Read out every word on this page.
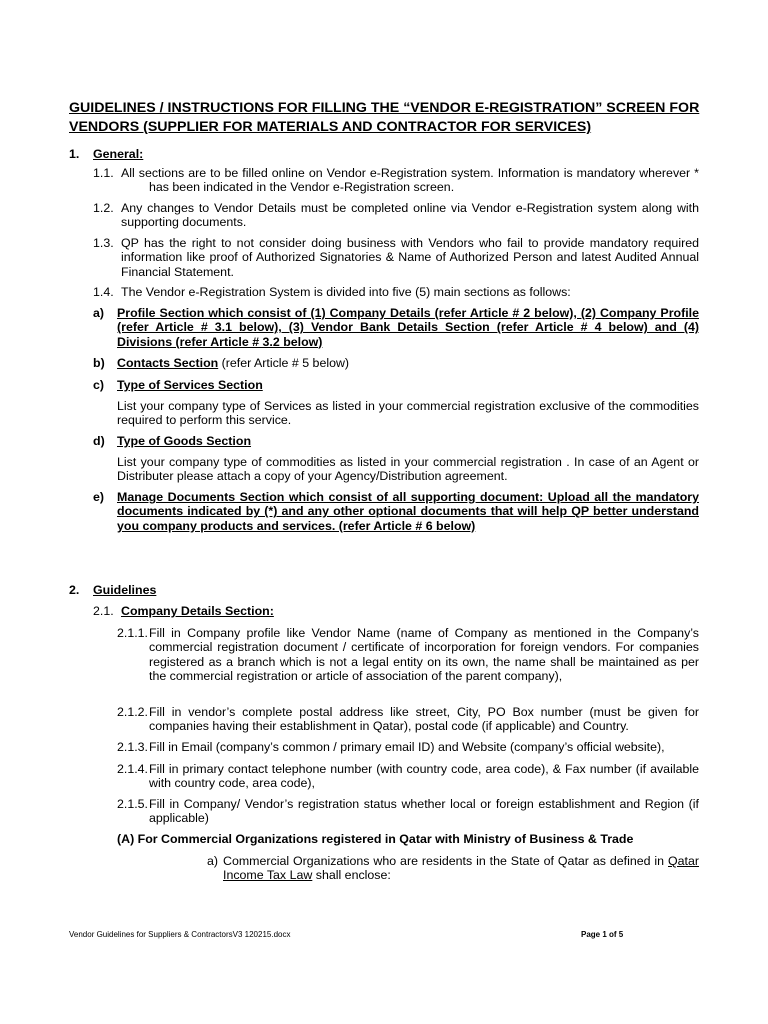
GUIDELINES / INSTRUCTIONS FOR FILLING THE “VENDOR E-REGISTRATION” SCREEN FOR VENDORS (SUPPLIER FOR MATERIALS AND CONTRACTOR FOR SERVICES)
1. General:
1.1. All sections are to be filled online on Vendor e-Registration system. Information is mandatory wherever * has been indicated in the Vendor e-Registration screen.
1.2. Any changes to Vendor Details must be completed online via Vendor e-Registration system along with supporting documents.
1.3. QP has the right to not consider doing business with Vendors who fail to provide mandatory required information like proof of Authorized Signatories & Name of Authorized Person and latest Audited Annual Financial Statement.
1.4. The Vendor e-Registration System is divided into five (5) main sections as follows:
a) Profile Section which consist of (1) Company Details (refer Article # 2 below), (2) Company Profile (refer Article # 3.1 below), (3) Vendor Bank Details Section (refer Article # 4 below) and (4) Divisions (refer Article # 3.2 below)
b) Contacts Section (refer Article # 5 below)
c) Type of Services Section
List your company type of Services as listed in your commercial registration exclusive of the commodities required to perform this service.
d) Type of Goods Section
List your company type of commodities as listed in your commercial registration . In case of an Agent or Distributer please attach a copy of your Agency/Distribution agreement.
e) Manage Documents Section which consist of all supporting document: Upload all the mandatory documents indicated by (*) and any other optional documents that will help QP better understand you company products and services. (refer Article # 6 below)
2. Guidelines
2.1. Company Details Section:
2.1.1. Fill in Company profile like Vendor Name (name of Company as mentioned in the Company’s commercial registration document / certificate of incorporation for foreign vendors. For companies registered as a branch which is not a legal entity on its own, the name shall be maintained as per the commercial registration or article of association of the parent company),
2.1.2. Fill in vendor’s complete postal address like street, City, PO Box number (must be given for companies having their establishment in Qatar), postal code (if applicable) and Country.
2.1.3. Fill in Email (company’s common / primary email ID) and Website (company’s official website),
2.1.4. Fill in primary contact telephone number (with country code, area code), & Fax number (if available with country code, area code),
2.1.5. Fill in Company/ Vendor’s registration status whether local or foreign establishment and Region (if applicable)
(A) For Commercial Organizations registered in Qatar with Ministry of Business & Trade
a) Commercial Organizations who are residents in the State of Qatar as defined in Qatar Income Tax Law shall enclose:
Vendor Guidelines for Suppliers & ContractorsV3 120215.docx	Page 1 of 5
